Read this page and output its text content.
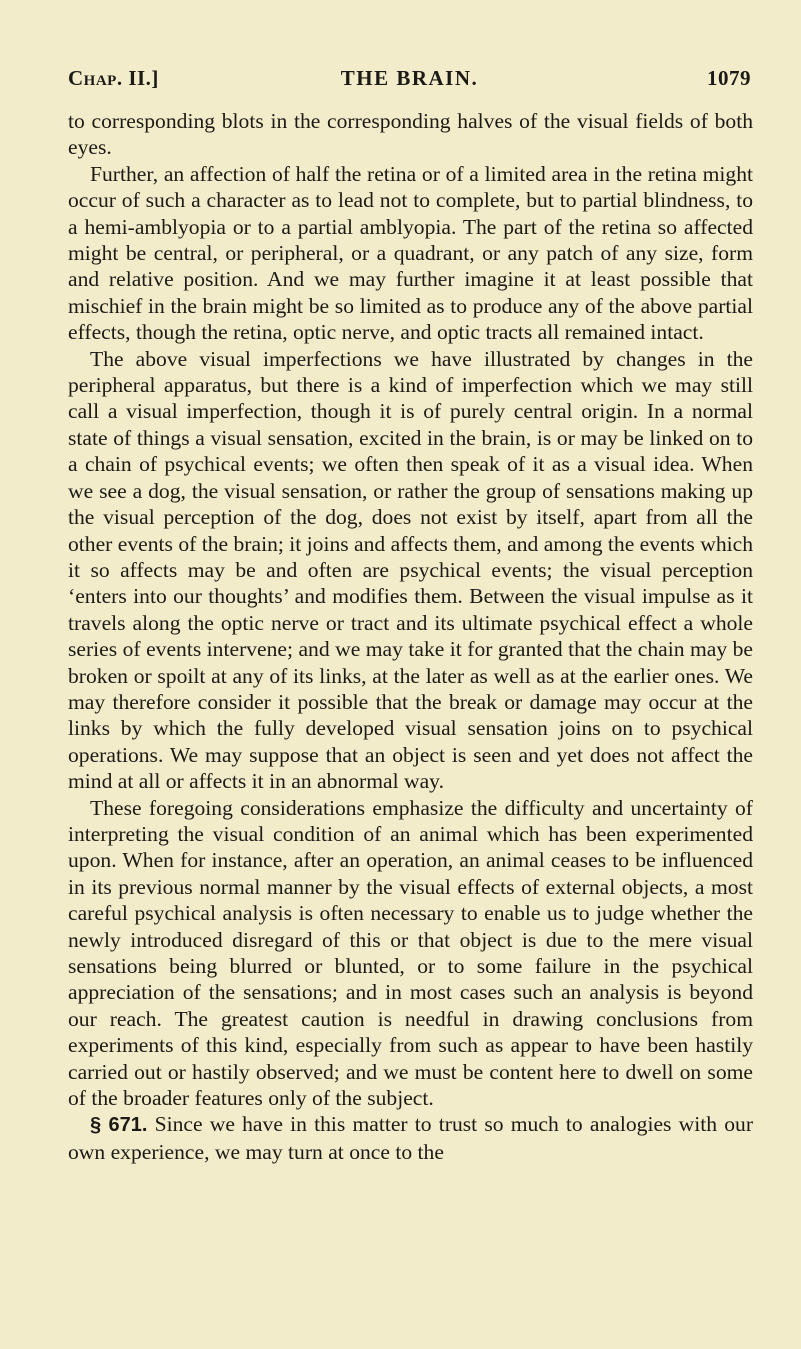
Chap. II.]	THE BRAIN.	1079

to corresponding blots in the corresponding halves of the visual fields of both eyes.

Further, an affection of half the retina or of a limited area in the retina might occur of such a character as to lead not to complete, but to partial blindness, to a hemi-amblyopia or to a partial amblyopia. The part of the retina so affected might be central, or peripheral, or a quadrant, or any patch of any size, form and relative position. And we may further imagine it at least possible that mischief in the brain might be so limited as to produce any of the above partial effects, though the retina, optic nerve, and optic tracts all remained intact.

The above visual imperfections we have illustrated by changes in the peripheral apparatus, but there is a kind of imperfection which we may still call a visual imperfection, though it is of purely central origin. In a normal state of things a visual sensation, excited in the brain, is or may be linked on to a chain of psychical events; we often then speak of it as a visual idea. When we see a dog, the visual sensation, or rather the group of sensations making up the visual perception of the dog, does not exist by itself, apart from all the other events of the brain; it joins and affects them, and among the events which it so affects may be and often are psychical events; the visual perception ‘enters into our thoughts’ and modifies them. Between the visual impulse as it travels along the optic nerve or tract and its ultimate psychical effect a whole series of events intervene; and we may take it for granted that the chain may be broken or spoilt at any of its links, at the later as well as at the earlier ones. We may therefore consider it possible that the break or damage may occur at the links by which the fully developed visual sensation joins on to psychical operations. We may suppose that an object is seen and yet does not affect the mind at all or affects it in an abnormal way.

These foregoing considerations emphasize the difficulty and uncertainty of interpreting the visual condition of an animal which has been experimented upon. When for instance, after an operation, an animal ceases to be influenced in its previous normal manner by the visual effects of external objects, a most careful psychical analysis is often necessary to enable us to judge whether the newly introduced disregard of this or that object is due to the mere visual sensations being blurred or blunted, or to some failure in the psychical appreciation of the sensations; and in most cases such an analysis is beyond our reach. The greatest caution is needful in drawing conclusions from experiments of this kind, especially from such as appear to have been hastily carried out or hastily observed; and we must be content here to dwell on some of the broader features only of the subject.

§ 671. Since we have in this matter to trust so much to analogies with our own experience, we may turn at once to the
